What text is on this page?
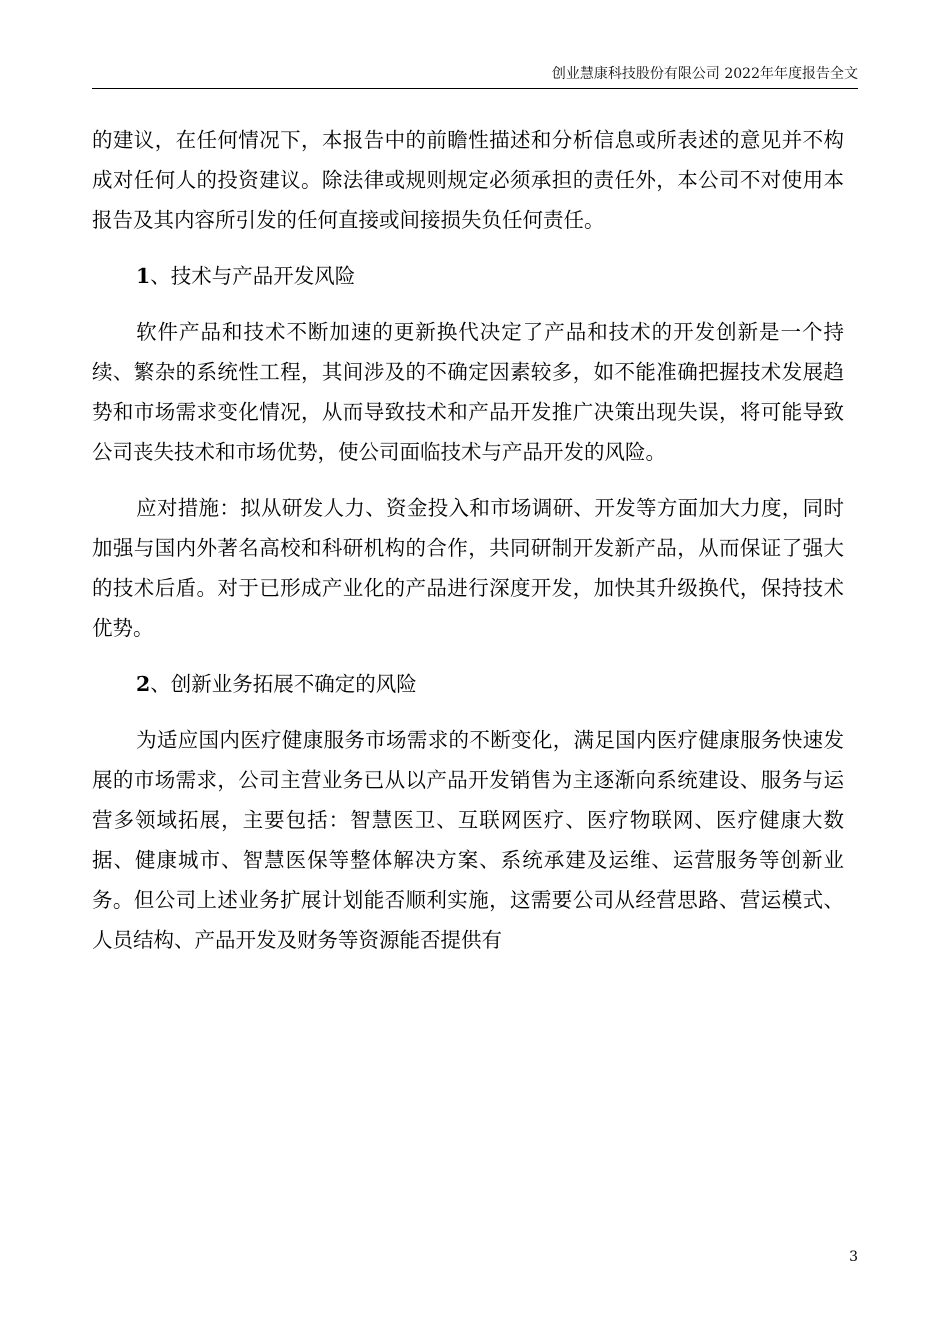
创业慧康科技股份有限公司 2022年年度报告全文

的建议，在任何情况下，本报告中的前瞻性描述和分析信息或所表述的意见并不构成对任何人的投资建议。除法律或规则规定必须承担的责任外，本公司不对使用本报告及其内容所引发的任何直接或间接损失负任何责任。

1、技术与产品开发风险

软件产品和技术不断加速的更新换代决定了产品和技术的开发创新是一个持续、繁杂的系统性工程，其间涉及的不确定因素较多，如不能准确把握技术发展趋势和市场需求变化情况，从而导致技术和产品开发推广决策出现失误，将可能导致公司丧失技术和市场优势，使公司面临技术与产品开发的风险。

应对措施：拟从研发人力、资金投入和市场调研、开发等方面加大力度，同时加强与国内外著名高校和科研机构的合作，共同研制开发新产品，从而保证了强大的技术后盾。对于已形成产业化的产品进行深度开发，加快其升级换代，保持技术优势。

2、创新业务拓展不确定的风险

为适应国内医疗健康服务市场需求的不断变化，满足国内医疗健康服务快速发展的市场需求，公司主营业务已从以产品开发销售为主逐渐向系统建设、服务与运营多领域拓展，主要包括：智慧医卫、互联网医疗、医疗物联网、医疗健康大数据、健康城市、智慧医保等整体解决方案、系统承建及运维、运营服务等创新业务。但公司上述业务扩展计划能否顺利实施，这需要公司从经营思路、营运模式、人员结构、产品开发及财务等资源能否提供有

3
